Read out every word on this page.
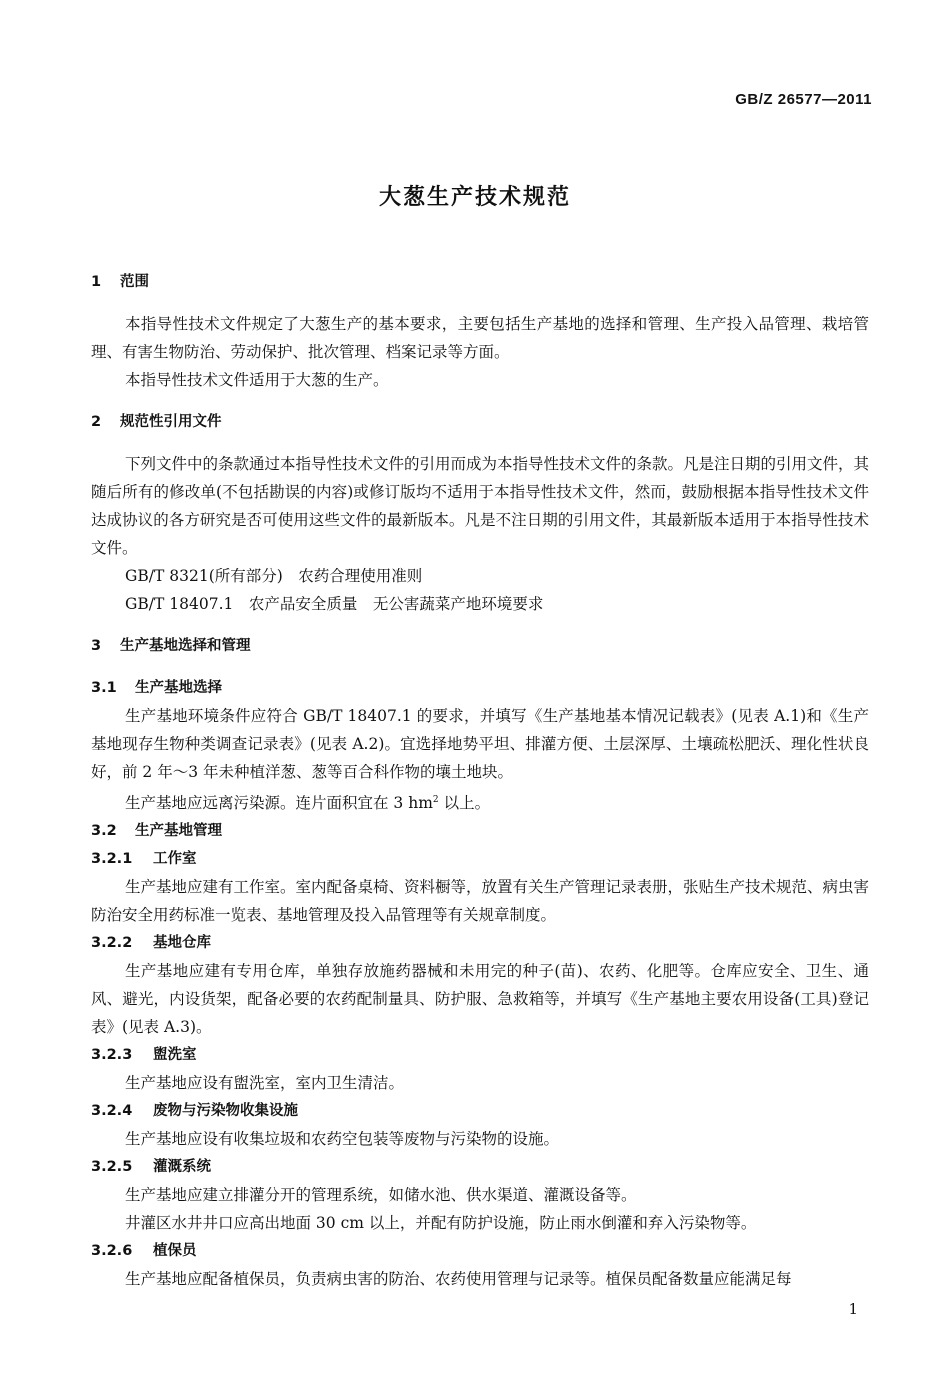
GB/Z 26577—2011
大葱生产技术规范
1 范围

本指导性技术文件规定了大葱生产的基本要求，主要包括生产基地的选择和管理、生产投入品管理、栽培管理、有害生物防治、劳动保护、批次管理、档案记录等方面。

本指导性技术文件适用于大葱的生产。

2 规范性引用文件

下列文件中的条款通过本指导性技术文件的引用而成为本指导性技术文件的条款。凡是注日期的引用文件，其随后所有的修改单(不包括勘误的内容)或修订版均不适用于本指导性技术文件，然而，鼓励根据本指导性技术文件达成协议的各方研究是否可使用这些文件的最新版本。凡是不注日期的引用文件，其最新版本适用于本指导性技术文件。

GB/T 8321(所有部分)　农药合理使用准则

GB/T 18407.1　农产品安全质量　无公害蔬菜产地环境要求

3 生产基地选择和管理
3.1 生产基地选择

生产基地环境条件应符合 GB/T 18407.1 的要求，并填写《生产基地基本情况记载表》(见表 A.1)和《生产基地现存生物种类调查记录表》(见表 A.2)。宜选择地势平坦、排灌方便、土层深厚、土壤疏松肥沃、理化性状良好，前 2 年～3 年未种植洋葱、葱等百合科作物的壤土地块。

生产基地应远离污染源。连片面积宜在 3 $hm^2$ 以上。

3.2 生产基地管理
3.2.1 工作室

生产基地应建有工作室。室内配备桌椅、资料橱等，放置有关生产管理记录表册，张贴生产技术规范、病虫害防治安全用药标准一览表、基地管理及投入品管理等有关规章制度。

3.2.2 基地仓库

生产基地应建有专用仓库，单独存放施药器械和未用完的种子(苗)、农药、化肥等。仓库应安全、卫生、通风、避光，内设货架，配备必要的农药配制量具、防护服、急救箱等，并填写《生产基地主要农用设备(工具)登记表》(见表 A.3)。

3.2.3 盥洗室

生产基地应设有盥洗室，室内卫生清洁。

3.2.4 废物与污染物收集设施

生产基地应设有收集垃圾和农药空包装等废物与污染物的设施。

3.2.5 灌溉系统

生产基地应建立排灌分开的管理系统，如储水池、供水渠道、灌溉设备等。

井灌区水井井口应高出地面 30 cm 以上，并配有防护设施，防止雨水倒灌和弃入污染物等。

3.2.6 植保员

生产基地应配备植保员，负责病虫害的防治、农药使用管理与记录等。植保员配备数量应能满足每

1
